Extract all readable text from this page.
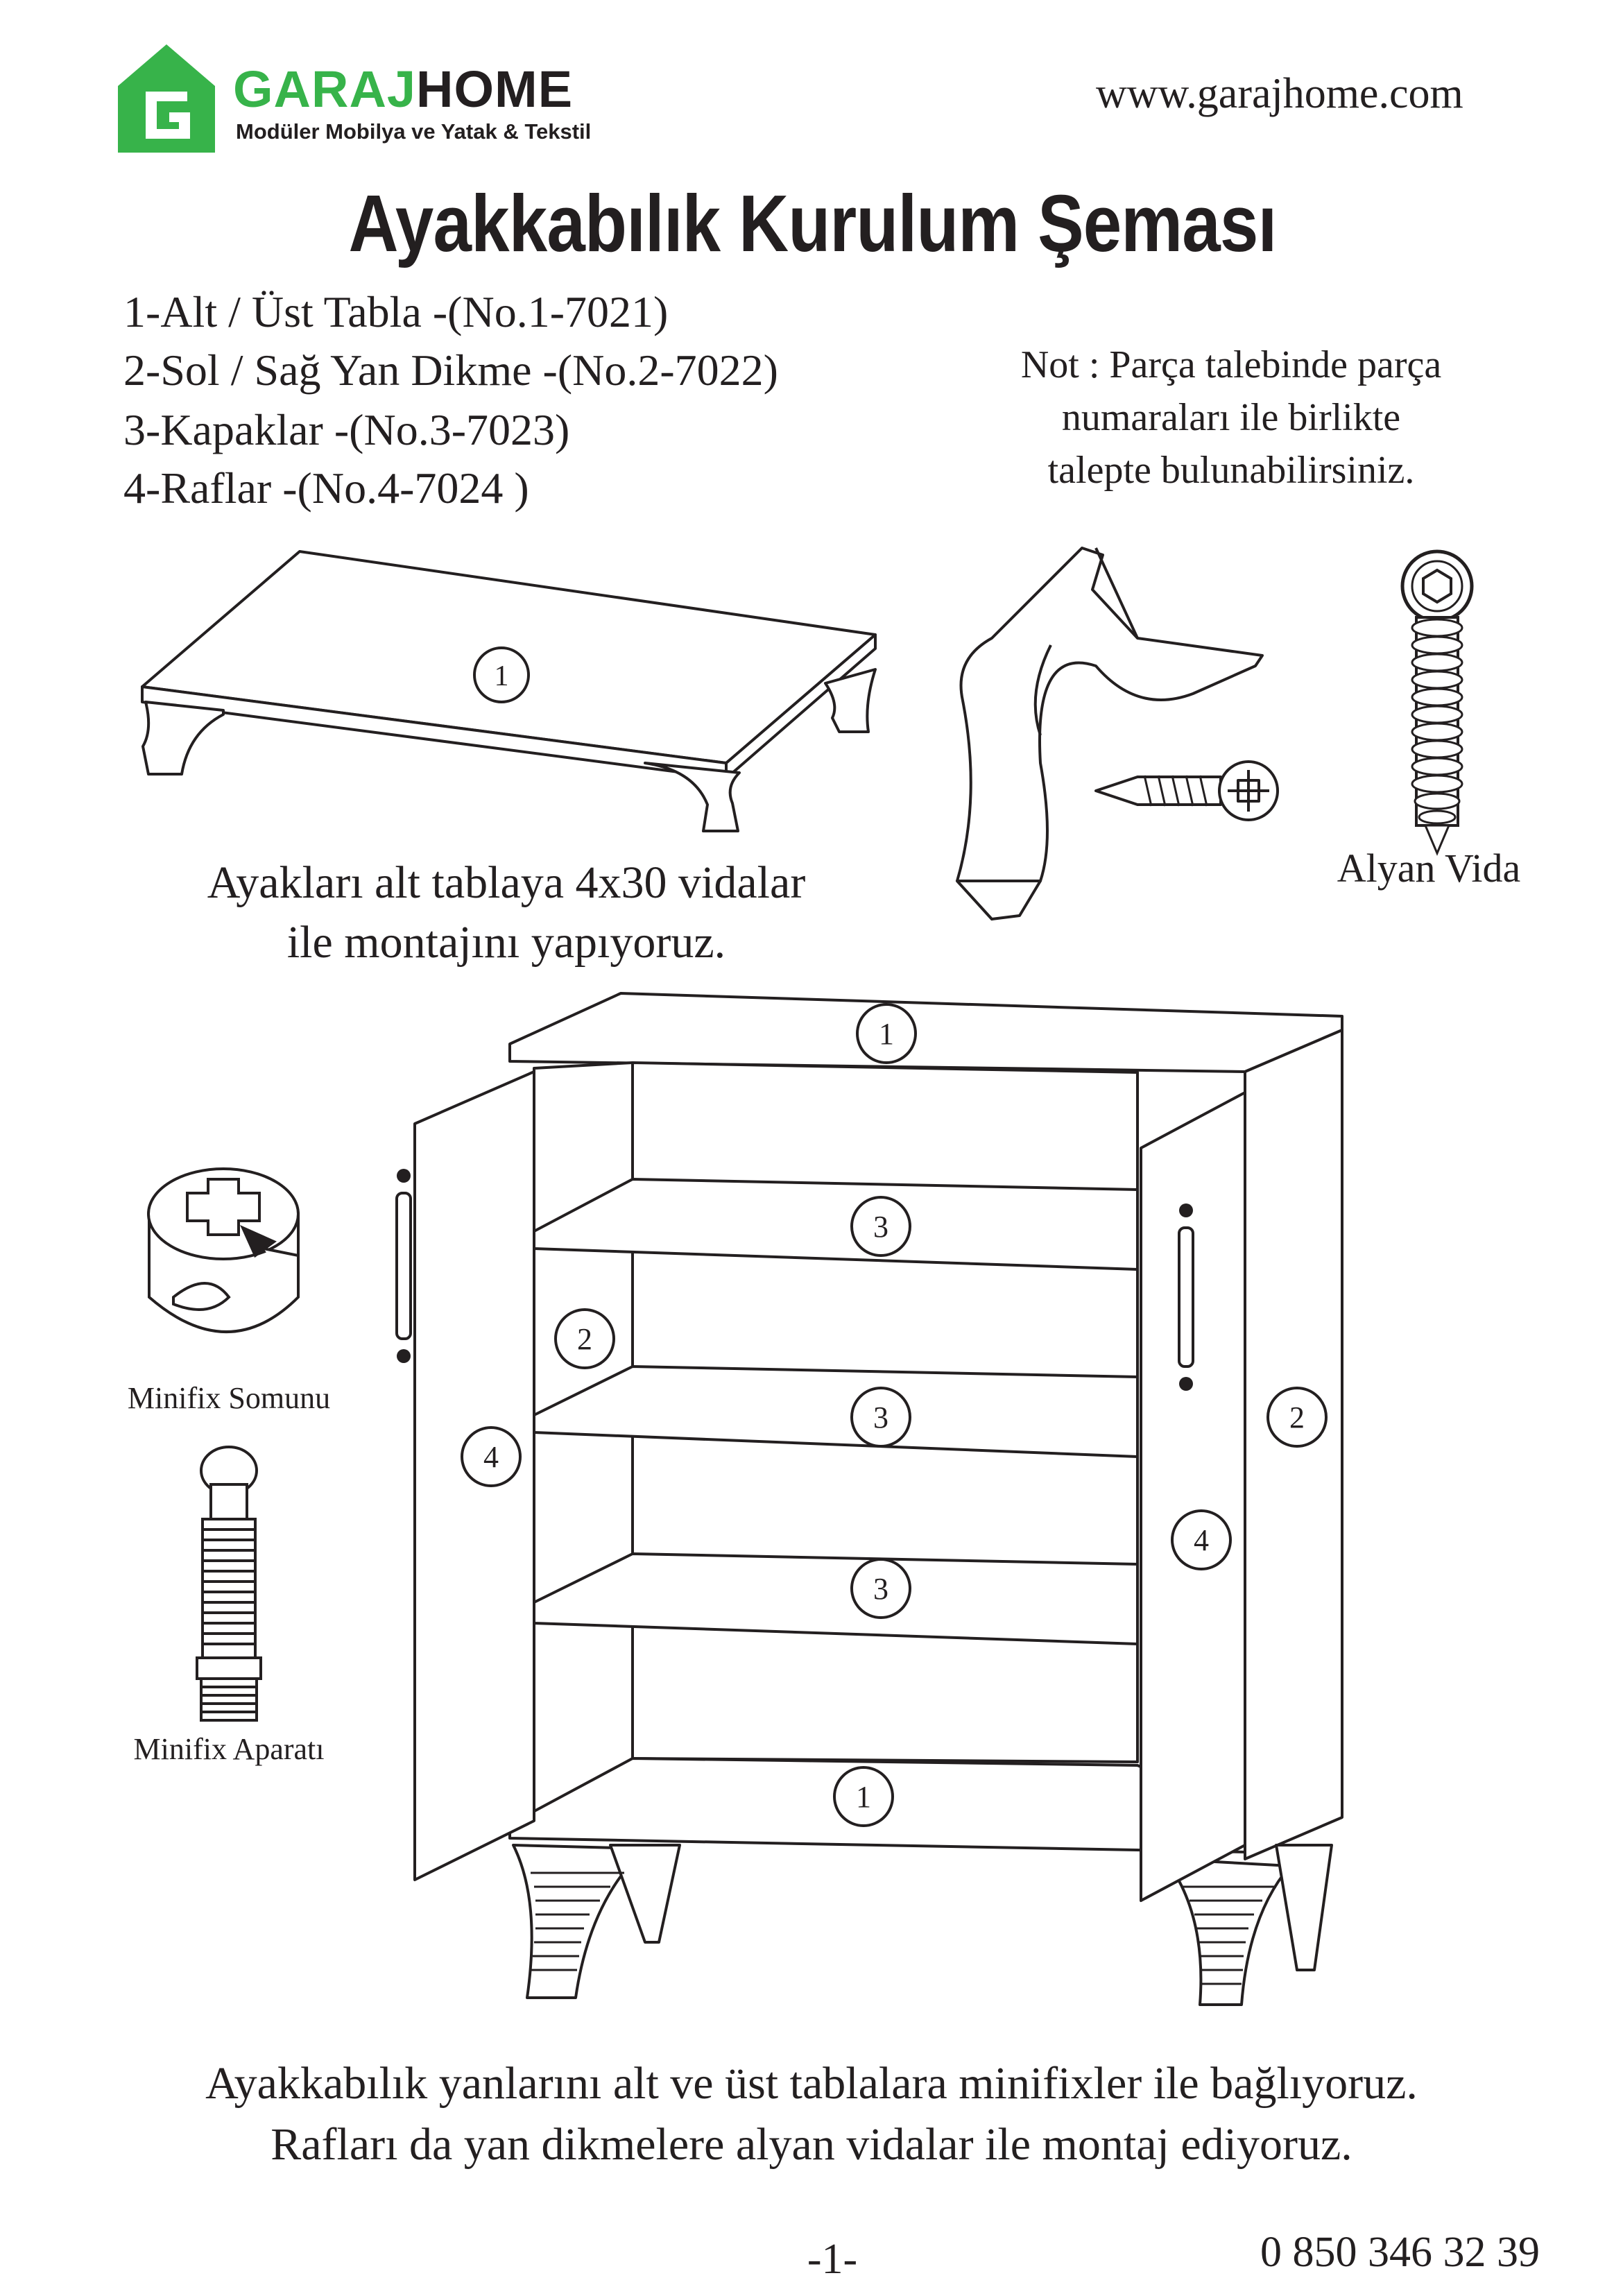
GARAJHOME
Modüler Mobilya ve Yatak & Tekstil
www.garajhome.com
Ayakkabılık Kurulum Şeması
1-Alt / Üst Tabla -(No.1-7021)
2-Sol / Sağ Yan Dikme -(No.2-7022)
3-Kapaklar -(No.3-7023)
4-Raflar -(No.4-7024 )
Not : Parça talebinde parça
numaraları ile birlikte
talepte bulunabilirsiniz.
1
Ayakları alt tablaya 4x30 vidalar
ile montajını yapıyoruz.
Alyan Vida
Minifix Somunu
Minifix Aparatı
1
3
3
3
1
2
2
4
4
Ayakkabılık yanlarını alt ve üst tablalara minifixler ile bağlıyoruz.
Rafları da yan dikmelere alyan vidalar ile montaj ediyoruz.
-1-	0 850 346 32 39
